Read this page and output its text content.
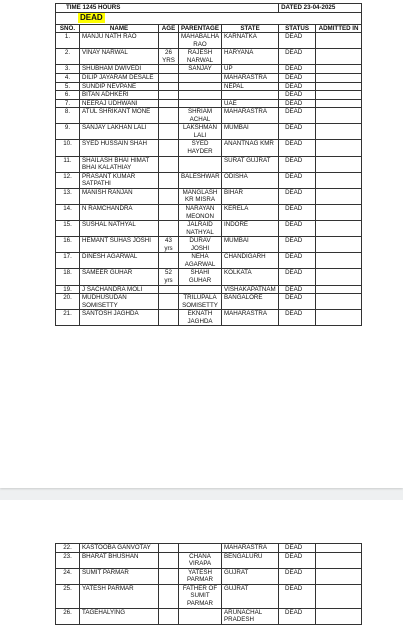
TIME 1245 HOURS					DATED 23-04-2025	
DEAD						
SNO.	NAME	AGE	PARENTAGE	STATE	STATUS	ADMITTED IN
1.	MANJU NATH RAO		MAHABALHA RAO	KARNATKA	DEAD	
2.	VINAY NARWAL	26 YRS	RAJESH NARWAL	HARYANA	DEAD	
3.	SHUBHAM DWIVEDI		SANJAY	UP	DEAD	
4.	DILIP JAYARAM DESALE			MAHARASTRA	DEAD	
5.	SUNDIP NEVPANE			NEPAL	DEAD	
6.	BITAN ADHKERI				DEAD	
7.	NEERAJ UDHWANI			UAE	DEAD	
8.	ATUL SHRIKANT MONE		SHRIAM ACHAL	MAHARASTRA	DEAD	
9.	SANJAY LAKHAN LALI		LAKSHMAN LALI	MUMBAI	DEAD	
10.	SYED HUSSAIN SHAH		SYED HAYDER	ANANTNAG KMR	DEAD	
11.	SHAILASH BHAI HIMAT BHAI KALATHIAY			SURAT GUJRAT	DEAD	
12.	PRASANT KUMAR SATPATHI		BALESHWAR	ODISHA	DEAD	
13.	MANISH RANJAN		MANGLASH KR MISRA	BIHAR	DEAD	
14.	N RAMCHANDRA		NARAYAN MEONON	KERELA	DEAD	
15.	SUSHAL NATHYAL		JALRAID NATHYAL	INDORE	DEAD	
16.	HEMANT SUHAS JOSHI	43 yrs	DURAV JOSHI	MUMBAI	DEAD	
17.	DINESH AGARWAL		NEHA AGARWAL	CHANDIGARH	DEAD	
18.	SAMEER GUHAR	52 yrs	SHAHI GUHAR	KOLKATA	DEAD	
19.	J SACHANDRA MOLI			VISHAKAPATNAM	DEAD	
20.	MUDHUSUDAN SOMISETTY		TRILUPALA SOMISETTY	BANGALORE	DEAD	
21.	SANTOSH JAGHDA		EKNATH JAGHDA	MAHARASTRA	DEAD	
22.	KASTOOBA GANVOTAY			MAHARASTRA	DEAD	
23.	BHARAT BHUSHAN		CHANA VIRAPA	BENGALURU	DEAD	
24.	SUMIT PARMAR		YATESH PARMAR	GUJRAT	DEAD	
25.	YATESH PARMAR		FATHER OF SUMIT PARMAR	GUJRAT	DEAD	
26.	TAGEHALYING			ARUNACHAL PRADESH	DEAD	
